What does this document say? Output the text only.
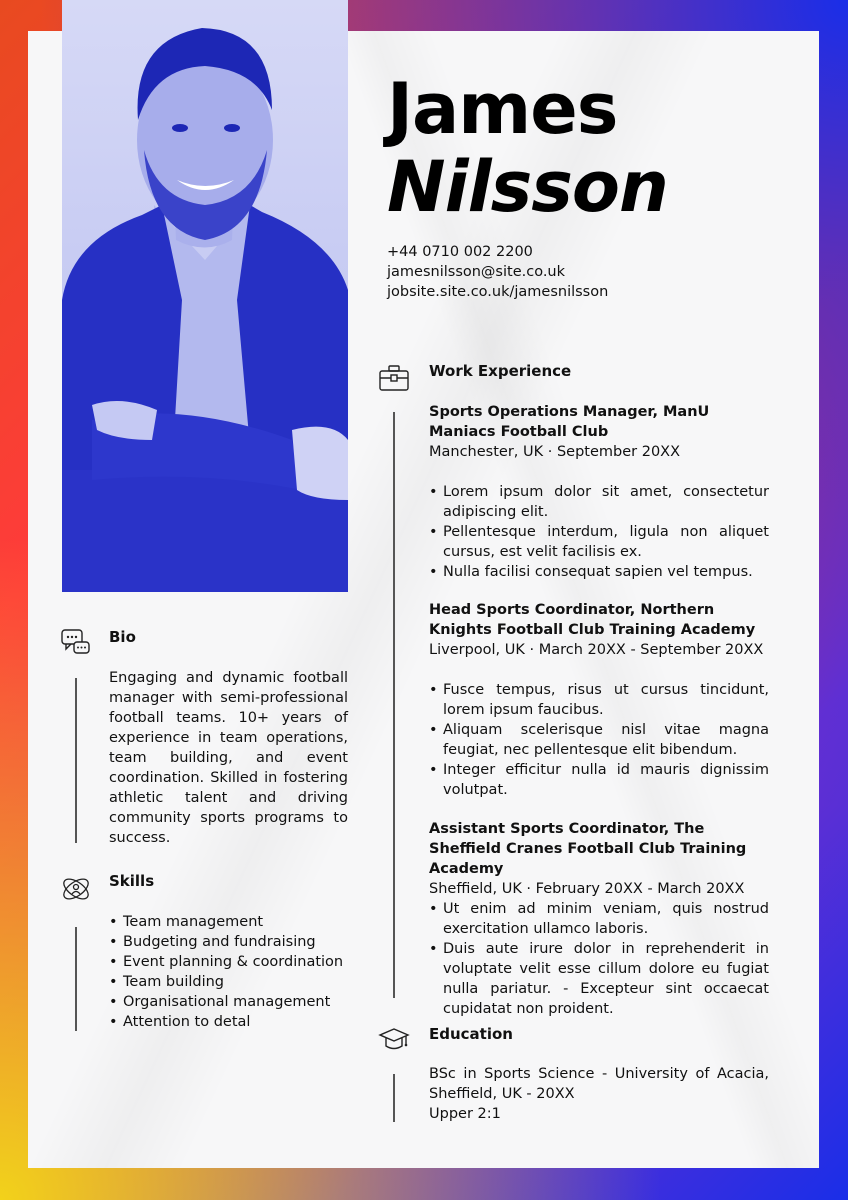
James
Nilsson
+44 0710 002 2200
jamesnilsson@site.co.uk
jobsite.site.co.uk/jamesnilsson
Bio
Engaging and dynamic football manager with semi-professional football teams. 10+ years of experience in team operations, team building, and event coordination. Skilled in fostering athletic talent and driving community sports programs to success.
Skills
• Team management
• Budgeting and fundraising
• Event planning & coordination
• Team building
• Organisational management
• Attention to detal
Work Experience
Sports Operations Manager, ManU Maniacs Football Club
Manchester, UK · September 20XX
• Lorem ipsum dolor sit amet, consectetur adipiscing elit.
• Pellentesque interdum, ligula non aliquet cursus, est velit facilisis ex.
• Nulla facilisi consequat sapien vel tempus.
Head Sports Coordinator, Northern Knights Football Club Training Academy
Liverpool, UK · March 20XX - September 20XX
• Fusce tempus, risus ut cursus tincidunt, lorem ipsum faucibus.
• Aliquam scelerisque nisl vitae magna feugiat, nec pellentesque elit bibendum.
• Integer efficitur nulla id mauris dignissim volutpat.
Assistant Sports Coordinator, The Sheffield Cranes Football Club Training Academy
Sheffield, UK · February 20XX - March 20XX
• Ut enim ad minim veniam, quis nostrud exercitation ullamco laboris.
• Duis aute irure dolor in reprehenderit in voluptate velit esse cillum dolore eu fugiat nulla pariatur. - Excepteur sint occaecat cupidatat non proident.
Education
BSc in Sports Science - University of Acacia, Sheffield, UK - 20XX
Upper 2:1
